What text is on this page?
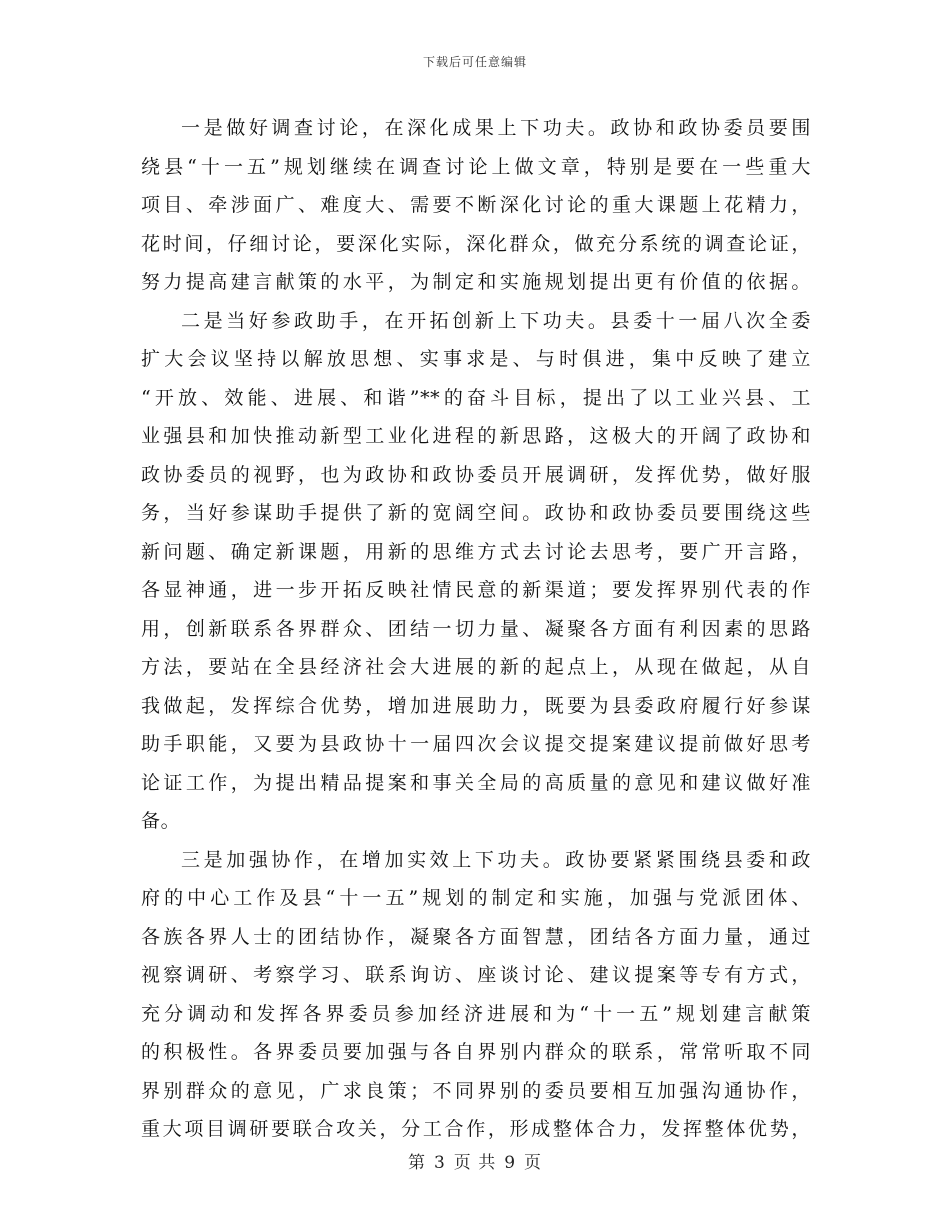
下载后可任意编辑
一是做好调查讨论，在深化成果上下功夫。政协和政协委员要围
绕县“十一五”规划继续在调查讨论上做文章，特别是要在一些重大
项目、牵涉面广、难度大、需要不断深化讨论的重大课题上花精力，
花时间，仔细讨论，要深化实际，深化群众，做充分系统的调查论证，
努力提高建言献策的水平，为制定和实施规划提出更有价值的依据。
二是当好参政助手，在开拓创新上下功夫。县委十一届八次全委
扩大会议坚持以解放思想、实事求是、与时俱进，集中反映了建立
“开放、效能、进展、和谐”**的奋斗目标，提出了以工业兴县、工
业强县和加快推动新型工业化进程的新思路，这极大的开阔了政协和
政协委员的视野，也为政协和政协委员开展调研，发挥优势，做好服
务，当好参谋助手提供了新的宽阔空间。政协和政协委员要围绕这些
新问题、确定新课题，用新的思维方式去讨论去思考，要广开言路，
各显神通，进一步开拓反映社情民意的新渠道；要发挥界别代表的作
用，创新联系各界群众、团结一切力量、凝聚各方面有利因素的思路
方法，要站在全县经济社会大进展的新的起点上，从现在做起，从自
我做起，发挥综合优势，增加进展助力，既要为县委政府履行好参谋
助手职能，又要为县政协十一届四次会议提交提案建议提前做好思考
论证工作，为提出精品提案和事关全局的高质量的意见和建议做好准
备。
三是加强协作，在增加实效上下功夫。政协要紧紧围绕县委和政
府的中心工作及县“十一五”规划的制定和实施，加强与党派团体、
各族各界人士的团结协作，凝聚各方面智慧，团结各方面力量，通过
视察调研、考察学习、联系询访、座谈讨论、建议提案等专有方式，
充分调动和发挥各界委员参加经济进展和为“十一五”规划建言献策
的积极性。各界委员要加强与各自界别内群众的联系，常常听取不同
界别群众的意见，广求良策；不同界别的委员要相互加强沟通协作，
重大项目调研要联合攻关，分工合作，形成整体合力，发挥整体优势，
第 3 页 共 9 页
